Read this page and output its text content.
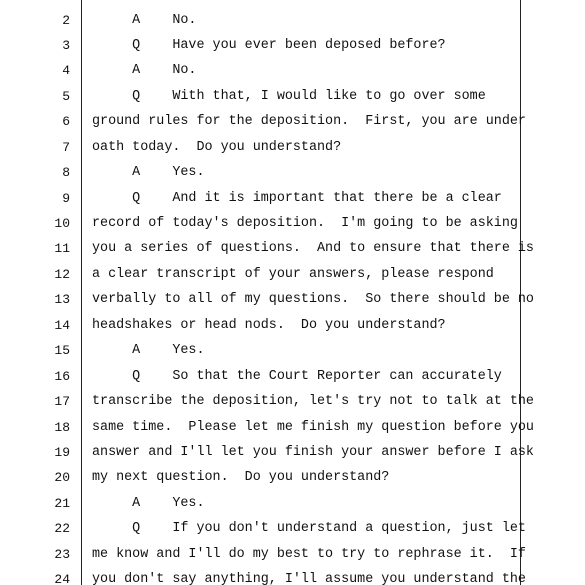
2 A    No.
3 Q    Have you ever been deposed before?
4 A    No.
5 Q    With that, I would like to go over some
6 ground rules for the deposition.  First, you are under
7 oath today.  Do you understand?
8 A    Yes.
9 Q    And it is important that there be a clear
10 record of today's deposition.  I'm going to be asking
11 you a series of questions.  And to ensure that there is
12 a clear transcript of your answers, please respond
13 verbally to all of my questions.  So there should be no
14 headshakes or head nods.  Do you understand?
15 A    Yes.
16 Q    So that the Court Reporter can accurately
17 transcribe the deposition, let's try not to talk at the
18 same time.  Please let me finish my question before you
19 answer and I'll let you finish your answer before I ask
20 my next question.  Do you understand?
21 A    Yes.
22 Q    If you don't understand a question, just let
23 me know and I'll do my best to try to rephrase it.  If
24 you don't say anything, I'll assume you understand the
